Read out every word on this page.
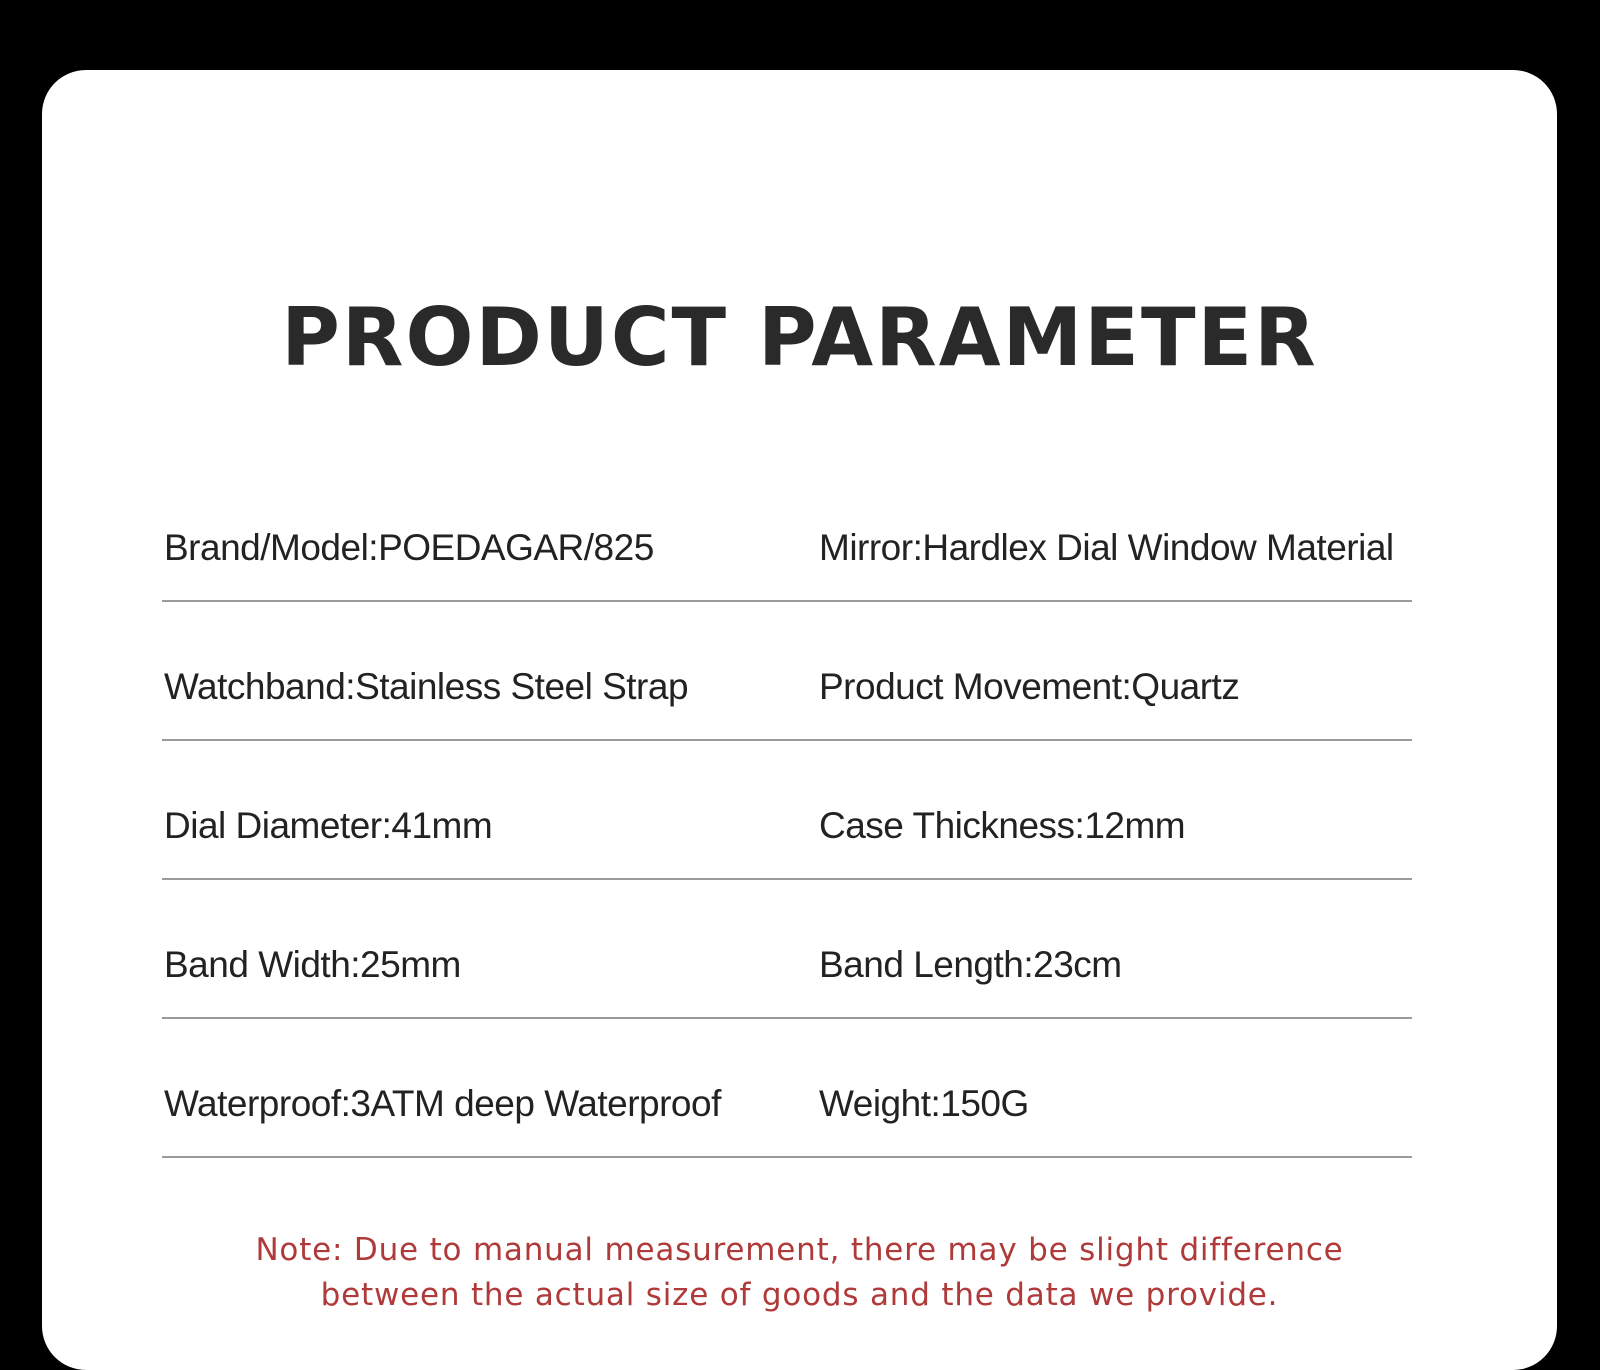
PRODUCT PARAMETER
Brand/Model:POEDAGAR/825	Mirror:Hardlex Dial Window Material
Watchband:Stainless Steel Strap	Product Movement:Quartz
Dial Diameter:41mm	Case Thickness:12mm
Band Width:25mm	Band Length:23cm
Waterproof:3ATM deep Waterproof	Weight:150G
Note: Due to manual measurement, there may be slight difference
between the actual size of goods and the data we provide.
